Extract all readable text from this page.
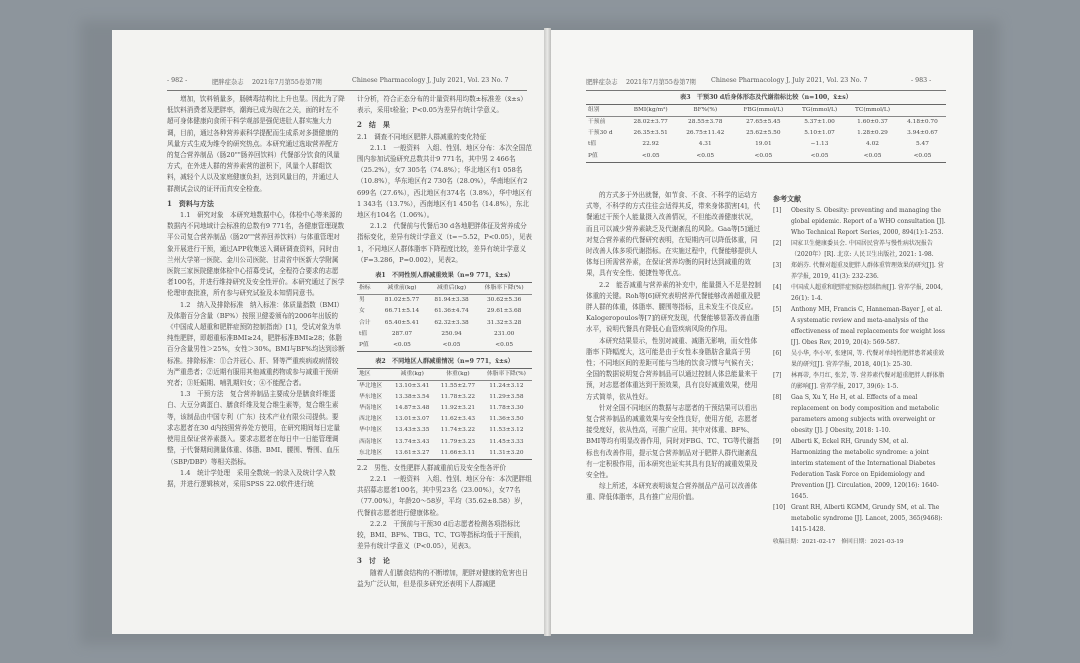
- 982 -	肥胖症杂志 2021年7月第55卷第7期	Chinese Pharmacology J, July 2021, Vol. 23 No. 7

增加，饮料销量多，肠胰毒结构比上升也显。因此为了降低饮料消费者及肥胖率，潮海已成为现在之关，面的时左不超可身体健康向食所干科学观部是强促进肚人群实施大力调，目前，通过各种营养素科学提配而生成系对多摄健康的风量方式生成为维令的研究热点。本研究通过选取营养配方的复合营养制品（肠20""肠养回饮料）代餐部分饮食的风量方式，在外进人群的营养素营的滋积下，风量个人群组饮料，减轻个人以及家庭健康负担，达到风量目的，并通过人群测试会议的证评而真安全检查。

1　资料与方法

1.1　研究对象　本研究地数据中心，体检中心等来源的数据内不同地域计会标准的总数有9 771名，各健康管理现数平公司复合营养制品（肠20""营养回养饮料）与体重管理对象开展进行干预，通过APP收集送入调研调查资料，同时由兰州大学第一医院、金川公司医院、甘肃省中医新大学附属医院三家医院健康体检中心招募受试，全程符合要求的志愿者100名，并进行维持研究及安全性评价。本研究通过了医学伦理审查批准，所有参与研究试验及本知情同意书。

1.2　纳入及排除标准　纳入标准：体质量指数（BMI）及体脂百分含量（BF%）按照卫健委颁布的2006年出版的《中国成人超重和肥胖症预防控制指南》[1]，受试对象为单纯性肥胖，即超重标准BMI≥24，肥胖标准BMI≥28；体脂百分含量男性＞25%，女性＞30%。BMI与BF%均达到诊断标准。排除标准：①合并冠心、肝、肾等严重疾病或病情较为严重患者；②近期有服用其他减重药物或参与减重干预研究者；③妊娠期、哺乳期妇女；④不能配合者。

1.3　干预方法　复合营养制品主要成分是膳食纤维蛋白、大豆分离蛋白、膳食纤维及复合维生素等，复合维生素等，该制品由中国专利（广东）技术产业有限公司提供。要求志愿者在30 d内按照营养处方使用，在研究期间每日定量使用且保证营养素摄入。要求志愿者在每日中一日能管理调整，于代餐期间测量体重、体脂、BMI、腰围、臀围、血压（SBP/DBP）等相关指标。

1.4　统计学处理　采用全数统一的录入及统计学入数据，并进行逻辑核对，采用SPSS 22.0软件进行统

计分析，符合正态分布的计量资料用均数±标准差（x̄±s）表示，采用t检验；P<0.05为差异有统计学意义。

2　结　果

2.1　调查不同地区肥胖人群减重的变化特征

2.1.1　一般资料　入组、性别、地区分布：本次全国范围内参加试验研究总数共计9 771名，其中男 2 466名（25.2%），女7 305名（74.8%）；华北地区有1 058名（10.8%），华东地区有2 730名（28.0%），华南地区有2 699名（27.6%），西北地区有374名（3.8%），华中地区有1 343名（13.7%），西南地区有1 450名（14.8%），东北地区有104名（1.06%）。

2.1.2　代餐前与代餐后30 d各地肥胖体征及营养成分指标变化，差异有统计学意义（t=−5.52，P<0.05），见表1，不同地区人群体脂率下降程度比较，差异有统计学意义（F=3.286，P=0.002），见表2。

表1　不同性别人群减重效果（n=9 771，x̄±s）
指标	减重前(kg)	减重后(kg)	体脂率下降(%)
男	81.02±5.77	81.94±3.38	30.62±5.36
女	66.71±5.14	61.36±4.74	29.61±3.68
合计	65.40±5.41	62.32±3.38	31.32±3.28
t值	287.07	250.94	231.00
P值	<0.05	<0.05	<0.05
表2　不同地区人群减重情况（n=9 771，x̄±s）
地区	减重(kg)	体重(kg)	体脂率下降(%)
华北地区	13.10±3.41	11.55±2.77	11.24±3.12
华东地区	13.38±3.54	11.78±3.22	11.29±3.58
华南地区	14.87±3.48	11.92±3.21	11.78±3.30
西北地区	13.01±3.07	11.62±3.43	11.36±3.50
华中地区	13.43±3.35	11.74±3.22	11.53±3.12
西南地区	13.74±3.43	11.79±3.23	11.45±3.33
东北地区	13.61±3.27	11.66±3.11	11.31±3.20

2.2　男性、女性肥胖人群减重前后及安全性各评价

2.2.1　一般资料　入组、性别、地区分布：本次肥胖组共招募志愿者100名，其中男23名（23.00%），女77名（77.00%），年龄20～58岁，平均（35.62±8.58）岁，代餐前志愿者进行健康体检。

2.2.2　干预前与干预30 d后志愿者检测各项指标比较，BMI、BF%、TBG、TC、TG等指标均低于干预前，差异有统计学意义（P<0.05），见表3。

3　讨　论

随着人们膳食结构的不断增加，肥胖对健康的危害也日益为广泛认知，但是很多研究还表明下人群减肥

肥胖症杂志 2021年7月第55卷第7期 Chinese Pharmacology J, July 2021, Vol. 23 No. 7	- 983 -
表3　干预30 d后身体形态及代谢指标比较（n=100，x̄±s）
组别	BMI(kg/m²)	BF%(%)	FBG(mmol/L)	TG(mmol/L)	TC(mmol/L)	
干预前	28.02±3.77	28.55±3.78	27.65±5.45	5.37±1.00	1.60±0.37	4.18±0.70
干预30 d	26.35±3.51	26.75±11.42	25.62±5.50	5.10±1.07	1.28±0.29	3.94±0.67
t值	22.92	4.31	19.01	−1.13	4.02	5.47
P值	<0.05	<0.05	<0.05	<0.05	<0.05	<0.05

的方式多于外出就餐，如节食、不食、不科学的运动方式等，不科学的方式往往会适得其反，带来身体损害[4]，代餐通过干预个人能量摄入改善情况，不但能改善健康状况，而且可以减少营养素缺乏及代谢紊乱的风险。Gaa等[5]通过对复合营养素的代餐研究表明，在短期内可以降低体重，同时改善人体多项代谢指标。在实施过程中，代餐能够提供人体每日所需营养素，在保证营养均衡的同时达到减重的效果，具有安全性、便捷性等优点。

2.2　能否减重与营养素的补充中，能量摄入不足是控制体重的关键。Roh等[6]研究表明营养代餐能够改善超重及肥胖人群的体重，体脂率、腰围等指标，且未发生不良反应。Kalogeropoulos等[7]的研究发现，代餐能够显著改善血脂水平，说明代餐具有降低心血管疾病风险的作用。

本研究结果显示，性别对减重、减脂无影响，而女性体脂率下降幅度大，这可能是由于女性本身脂肪含量高于男性；不同地区间的差距可能与当地的饮食习惯与气候有关；全国的数据说明复合营养制品可以通过控制人体总能量来干预，对志愿者体重达到干预效果，具有良好减重效果，使用方式简单，依从性好。

针对全国不同地区的数据与志愿者的干预结果可以看出复合营养制品的减重效果与安全性良好，使用方便，志愿者接受度好，依从性高，可推广应用。其中对体重、BF%、BMI等均有明显改善作用，同时对FBG、TC、TG等代谢指标也有改善作用，提示复合营养制品对于肥胖人群代谢紊乱有一定积极作用，而本研究也证实其具有良好的减重效果及安全性。

综上所述，本研究表明该复合营养制品产品可以改善体重、降低体脂率，具有推广应用价值。

参考文献
[1]	Obesity S. Obesity: preventing and managing the global epidemic. Report of a WHO consultation [J]. Who Technical Report Series, 2000, 894(1):1-253.
[2]	国家卫生健康委员会. 中国居民营养与慢性病状况报告（2020年）[R]. 北京: 人民卫生出版社, 2021: 1-98.
[3]	郑娟芬. 代餐对超重及肥胖人群体重管理效果的研究[J]. 营养学报, 2019, 41(3): 232-236.
[4]	中国成人超重和肥胖症预防控制指南[J]. 营养学报, 2004, 26(1): 1-4.
[5]	Anthony MH, Francis C, Hanneman-Bayer J, et al. A systematic review and meta-analysis of the effectiveness of meal replacements for weight loss [J]. Obes Rev, 2019, 20(4): 569-587.
[6]	吴小华, 李小军, 张建国, 等. 代餐对单纯性肥胖患者减重效果的研究[J]. 营养学报, 2018, 40(1): 25-30.
[7]	林再蒂, 李月红, 张芳, 等. 营养素代餐对超重肥胖人群体脂的影响[J]. 营养学报, 2017, 39(6): 1-5.
[8]	Gaa S, Xu Y, He H, et al. Effects of a meal replacement on body composition and metabolic parameters among subjects with overweight or obesity [J]. J Obesity, 2018: 1-10.
[9]	Alberti K, Eckel RH, Grundy SM, et al. Harmonizing the metabolic syndrome: a joint interim statement of the International Diabetes Federation Task Force on Epidemiology and Prevention [J]. Circulation, 2009, 120(16): 1640-1645.
[10] Grant RH, Alberti KGMM, Grundy SM, et al. The metabolic syndrome [J]. Lancet, 2005, 365(9468): 1415-1428.
收稿日期：2021-02-17　修回日期：2021-03-19
